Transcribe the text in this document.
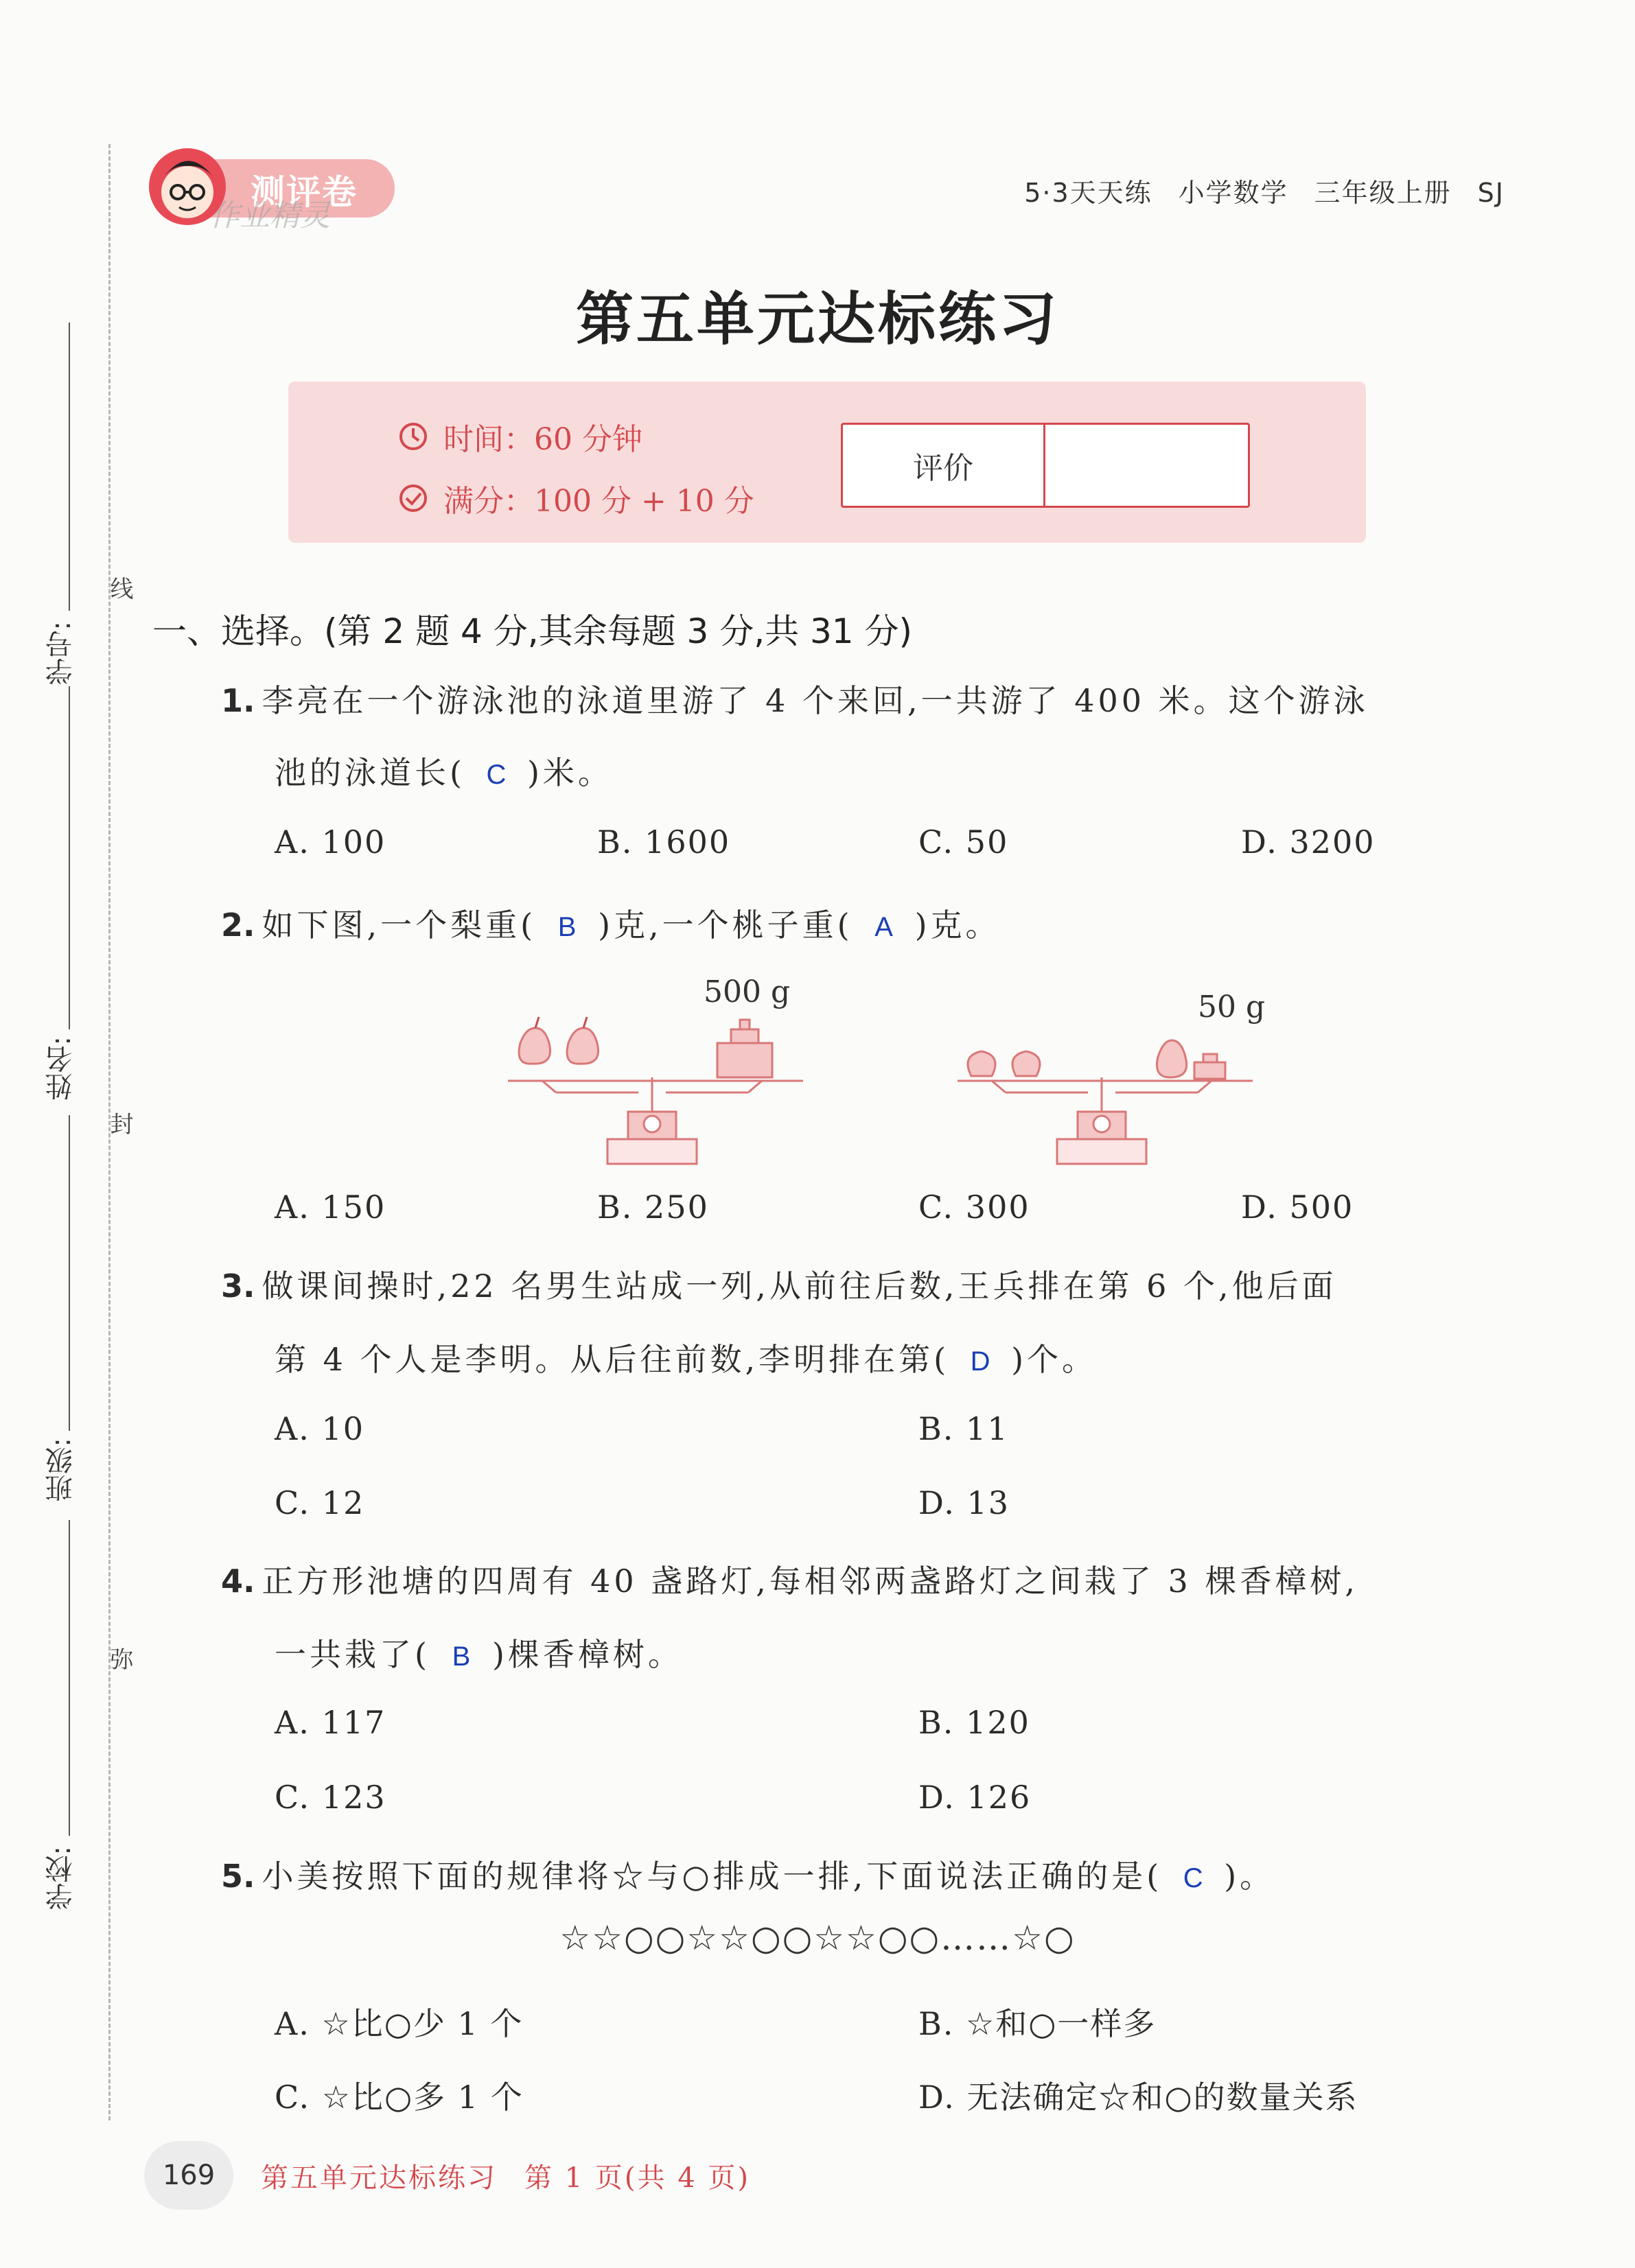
学号:
姓名:
班级:
学校:
线
封
弥
测评卷
作业精灵
5·3天天练 小学数学 三年级上册 SJ
第五单元达标练习
时间：60 分钟
满分：100 分 + 10 分
评价
一、选择。(第 2 题 4 分,其余每题 3 分,共 31 分)
1. 李亮在一个游泳池的泳道里游了 4 个来回,一共游了 400 米。这个游泳
池的泳道长( C )米。
A. 100	B. 1600	C. 50	D. 3200
2. 如下图,一个梨重( B )克,一个桃子重( A )克。
500 g	50 g
A. 150	B. 250	C. 300	D. 500
3. 做课间操时,22 名男生站成一列,从前往后数,王兵排在第 6 个,他后面
第 4 个人是李明。从后往前数,李明排在第( D )个。
A. 10	B. 11
C. 12	D. 13
4. 正方形池塘的四周有 40 盏路灯,每相邻两盏路灯之间栽了 3 棵香樟树,
一共栽了( B )棵香樟树。
A. 117	B. 120
C. 123	D. 126
5. 小美按照下面的规律将☆与○排成一排,下面说法正确的是( C )。
☆☆○○☆☆○○☆☆○○……☆○
A. ☆比○少 1 个	B. ☆和○一样多
C. ☆比○多 1 个	D. 无法确定☆和○的数量关系
169	第五单元达标练习 第 1 页(共 4 页)
